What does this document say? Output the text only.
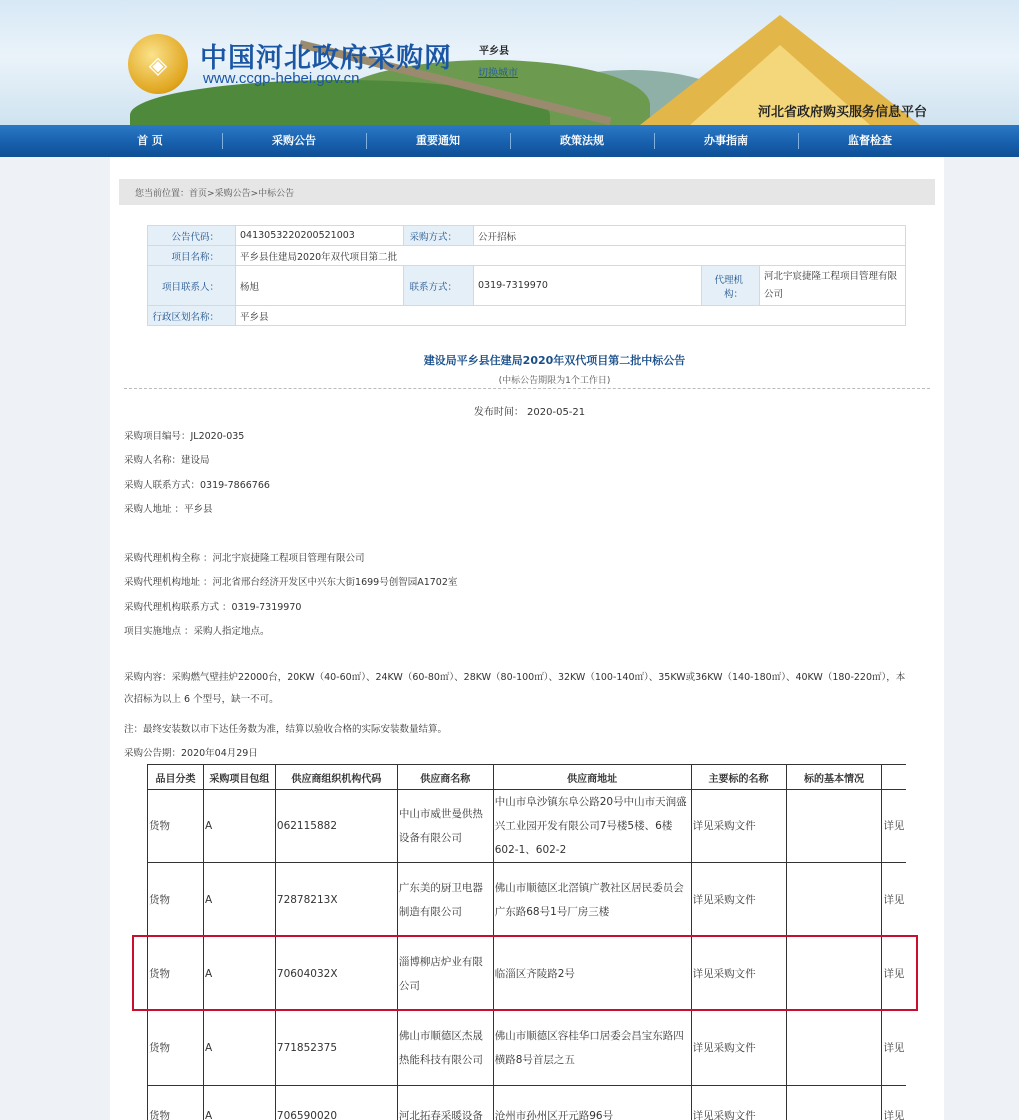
◈ 中国河北政府采购网
www.ccgp-hebei.gov.cn
平乡县
切换城市
河北省政府购买服务信息平台
首 页	采购公告	重要通知	政策法规	办事指南	监督检查
您当前位置：首页>采购公告>中标公告
公告代码：	0413053220200521003	采购方式：	公开招标		
项目名称：	平乡县住建局2020年双代项目第二批				
项目联系人：	杨旭	联系方式：	0319-7319970	代理机构：	河北宇宸捷隆工程项目管理有限公司
行政区划名称：	平乡县				
建设局平乡县住建局2020年双代项目第二批中标公告
(中标公告期限为1个工作日)
发布时间： 2020-05-21
采购项目编号：JL2020-035
采购人名称：建设局
采购人联系方式：0319-7866766
采购人地址 ：平乡县
采购代理机构全称 ：河北宇宸捷隆工程项目管理有限公司
采购代理机构地址 ：河北省邢台经济开发区中兴东大街1699号创智园A1702室
采购代理机构联系方式 ：0319-7319970
项目实施地点 ：采购人指定地点。
采购内容：采购燃气壁挂炉22000台，20KW（40-60㎡）、24KW（60-80㎡）、28KW（80-100㎡）、32KW（100-140㎡）、35KW或36KW（140-180㎡）、40KW（180-220㎡），本次招标为以上 6 个型号，缺一不可。
注：最终安装数以市下达任务数为准，结算以验收合格的实际安装数量结算。
采购公告期：2020年04月29日
品目分类	采购项目包组	供应商组织机构代码	供应商名称	供应商地址	主要标的名称	标的基本情况	
货物	A	062115882	中山市威世曼供热设备有限公司	中山市阜沙镇东阜公路20号中山市天润盛兴工业园开发有限公司7号楼5楼、6楼602-1、602-2	详见采购文件		详见
货物	A	72878213X	广东美的厨卫电器制造有限公司	佛山市顺德区北滘镇广教社区居民委员会广东路68号1号厂房三楼	详见采购文件		详见
货物	A	70604032X	淄博柳店炉业有限公司	临淄区齐陵路2号	详见采购文件		详见
货物	A	771852375	佛山市顺德区杰晟热能科技有限公司	佛山市顺德区容桂华口居委会昌宝东路四横路8号首层之五	详见采购文件		详见
货物	A	706590020	河北拓春采暖设备	沧州市孙州区开元路96号	详见采购文件		详见
